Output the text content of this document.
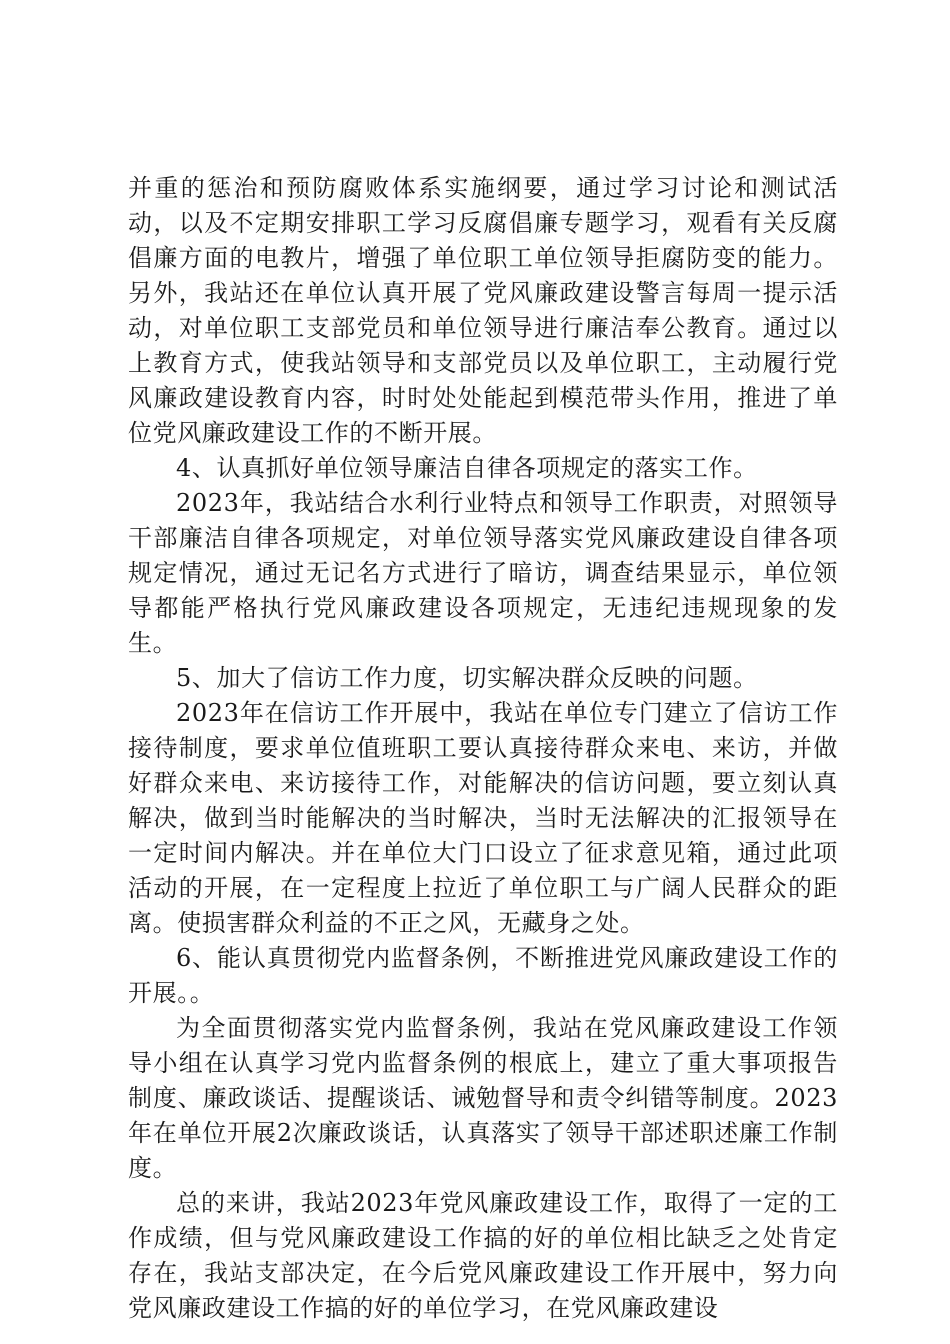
并重的惩治和预防腐败体系实施纲要，通过学习讨论和测试活动，以及不定期安排职工学习反腐倡廉专题学习，观看有关反腐倡廉方面的电教片，增强了单位职工单位领导拒腐防变的能力。另外，我站还在单位认真开展了党风廉政建设警言每周一提示活动，对单位职工支部党员和单位领导进行廉洁奉公教育。通过以上教育方式，使我站领导和支部党员以及单位职工，主动履行党风廉政建设教育内容，时时处处能起到模范带头作用，推进了单位党风廉政建设工作的不断开展。

4、认真抓好单位领导廉洁自律各项规定的落实工作。

2023年，我站结合水利行业特点和领导工作职责，对照领导干部廉洁自律各项规定，对单位领导落实党风廉政建设自律各项规定情况，通过无记名方式进行了暗访，调查结果显示，单位领导都能严格执行党风廉政建设各项规定，无违纪违规现象的发生。

5、加大了信访工作力度，切实解决群众反映的问题。

2023年在信访工作开展中，我站在单位专门建立了信访工作接待制度，要求单位值班职工要认真接待群众来电、来访，并做好群众来电、来访接待工作，对能解决的信访问题，要立刻认真解决，做到当时能解决的当时解决，当时无法解决的汇报领导在一定时间内解决。并在单位大门口设立了征求意见箱，通过此项活动的开展，在一定程度上拉近了单位职工与广阔人民群众的距离。使损害群众利益的不正之风，无藏身之处。

6、能认真贯彻党内监督条例，不断推进党风廉政建设工作的开展。。

为全面贯彻落实党内监督条例，我站在党风廉政建设工作领导小组在认真学习党内监督条例的根底上，建立了重大事项报告制度、廉政谈话、提醒谈话、诫勉督导和责令纠错等制度。2023年在单位开展2次廉政谈话，认真落实了领导干部述职述廉工作制度。

总的来讲，我站2023年党风廉政建设工作，取得了一定的工作成绩，但与党风廉政建设工作搞的好的单位相比缺乏之处肯定存在，我站支部决定，在今后党风廉政建设工作开展中，努力向党风廉政建设工作搞的好的单位学习，在党风廉政建设
